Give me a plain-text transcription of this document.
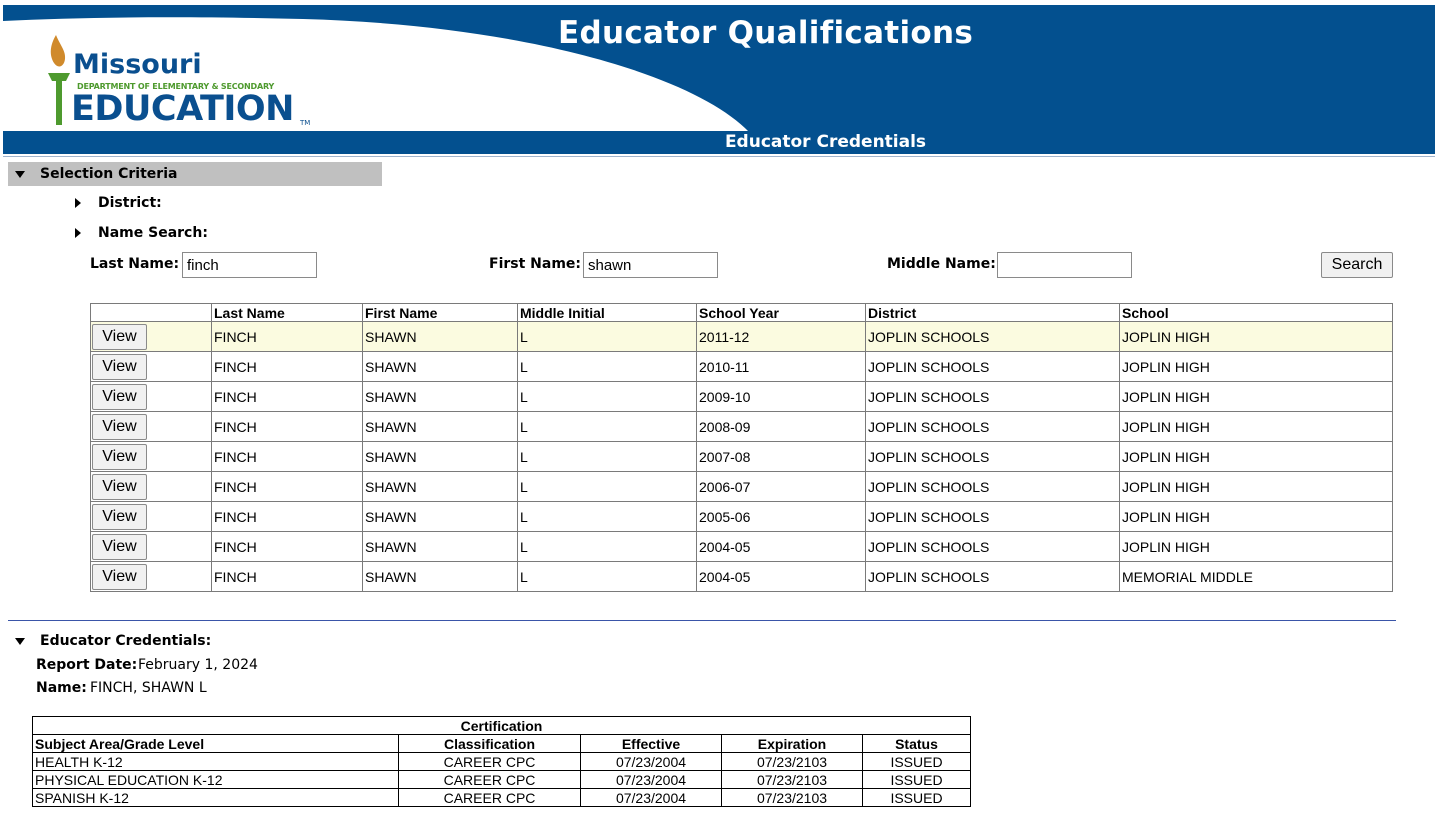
Educator Qualifications
Missouri
DEPARTMENT OF ELEMENTARY & SECONDARY
EDUCATION TM
Educator Credentials
Selection Criteria
District:
Name Search:
Last Name:
finch	First Name:
shawn	Middle Name:	Search
	Last Name	First Name	Middle Initial	School Year	District	School

View	FINCH	SHAWN	L	2011-12	JOPLIN SCHOOLS	JOPLIN HIGH

View	FINCH	SHAWN	L	2010-11	JOPLIN SCHOOLS	JOPLIN HIGH

View	FINCH	SHAWN	L	2009-10	JOPLIN SCHOOLS	JOPLIN HIGH

View	FINCH	SHAWN	L	2008-09	JOPLIN SCHOOLS	JOPLIN HIGH

View	FINCH	SHAWN	L	2007-08	JOPLIN SCHOOLS	JOPLIN HIGH

View	FINCH	SHAWN	L	2006-07	JOPLIN SCHOOLS	JOPLIN HIGH

View	FINCH	SHAWN	L	2005-06	JOPLIN SCHOOLS	JOPLIN HIGH

View	FINCH	SHAWN	L	2004-05	JOPLIN SCHOOLS	JOPLIN HIGH

View	FINCH	SHAWN	L	2004-05	JOPLIN SCHOOLS	MEMORIAL MIDDLE
Educator Credentials:
Report Date: February 1, 2024
Name: FINCH, SHAWN L
Certification				
Subject Area/Grade Level	Classification	Effective	Expiration	Status
HEALTH K-12	CAREER CPC	07/23/2004	07/23/2103	ISSUED
PHYSICAL EDUCATION K-12	CAREER CPC	07/23/2004	07/23/2103	ISSUED
SPANISH K-12	CAREER CPC	07/23/2004	07/23/2103	ISSUED
